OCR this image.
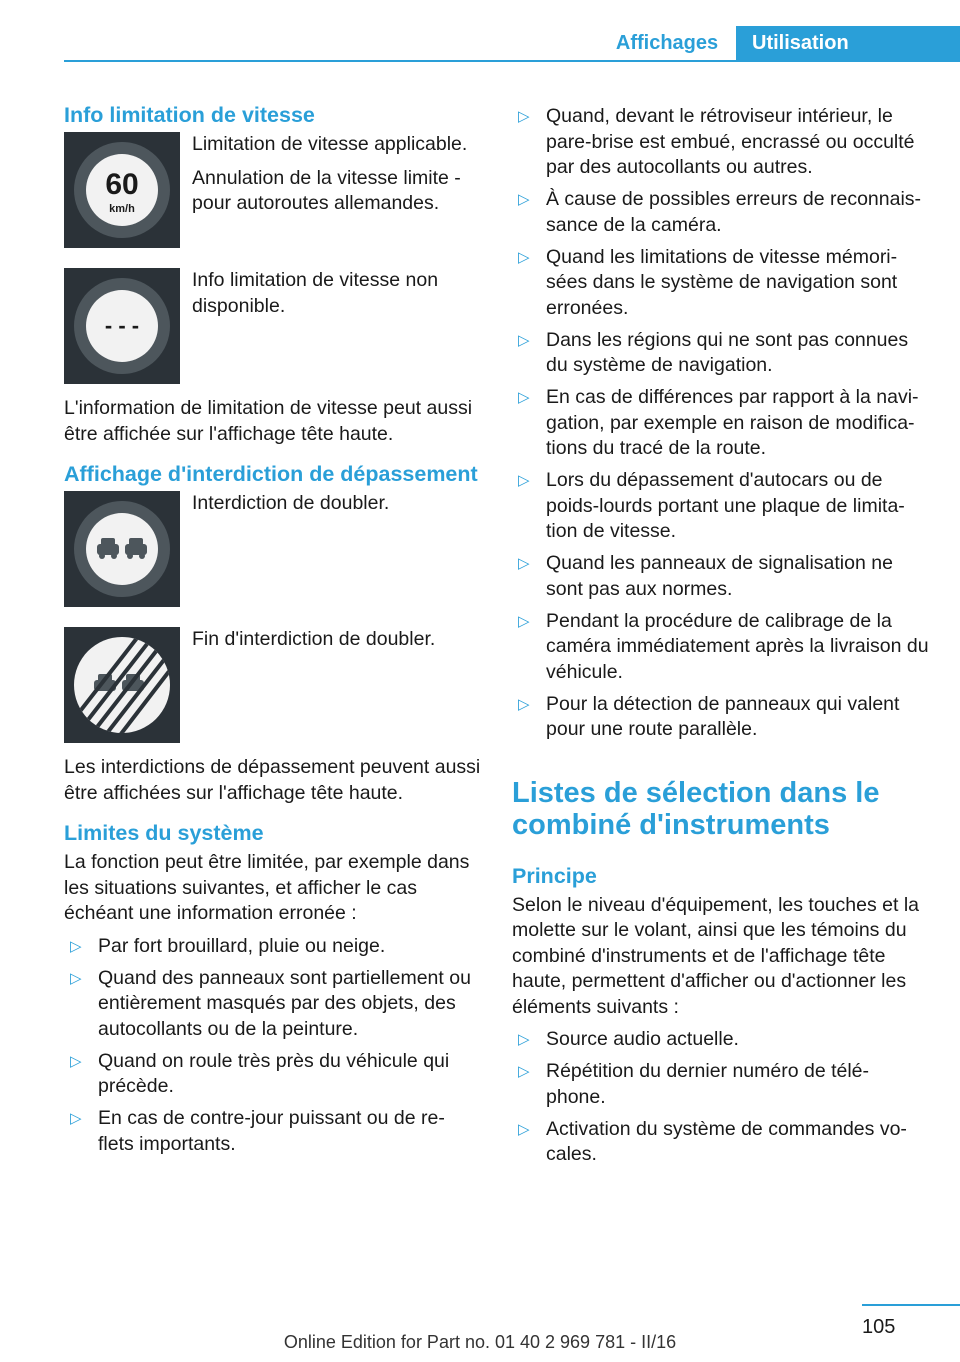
Affichages	Utilisation
Info limitation de vitesse
60
km/h

Limitation de vitesse applicable.

Annulation de la vitesse limite - pour autoroutes allemandes.

- - -

Info limitation de vitesse non disponible.

L'information de limitation de vitesse peut aussi être affichée sur l'affichage tête haute.

Affichage d'interdiction de dépassement

Interdiction de doubler.

Fin d'interdiction de doubler.

Les interdictions de dépassement peuvent aussi être affichées sur l'affichage tête haute.

Limites du système

La fonction peut être limitée, par exemple dans les situations suivantes, et afficher le cas échéant une information erronée :

▷ Par fort brouillard, pluie ou neige.
▷ Quand des panneaux sont partiellement ou entièrement masqués par des objets, des autocollants ou de la peinture.
▷ Quand on roule très près du véhicule qui précède.
▷ En cas de contre-jour puissant ou de re- flets importants.
▷ Quand, devant le rétroviseur intérieur, le pare-brise est embué, encrassé ou occulté par des autocollants ou autres.
▷ À cause de possibles erreurs de reconnais- sance de la caméra.
▷ Quand les limitations de vitesse mémori- sées dans le système de navigation sont erronées.
▷ Dans les régions qui ne sont pas connues du système de navigation.
▷ En cas de différences par rapport à la navi- gation, par exemple en raison de modifica- tions du tracé de la route.
▷ Lors du dépassement d'autocars ou de poids-lourds portant une plaque de limita- tion de vitesse.
▷ Quand les panneaux de signalisation ne sont pas aux normes.
▷ Pendant la procédure de calibrage de la caméra immédiatement après la livraison du véhicule.
▷ Pour la détection de panneaux qui valent pour une route parallèle.
Listes de sélection dans le combiné d'instruments
Principe

Selon le niveau d'équipement, les touches et la molette sur le volant, ainsi que les témoins du combiné d'instruments et de l'affichage tête haute, permettent d'afficher ou d'actionner les éléments suivants :

▷ Source audio actuelle.
▷ Répétition du dernier numéro de télé- phone.
▷ Activation du système de commandes vo- cales.
105
Online Edition for Part no. 01 40 2 969 781 - II/16
